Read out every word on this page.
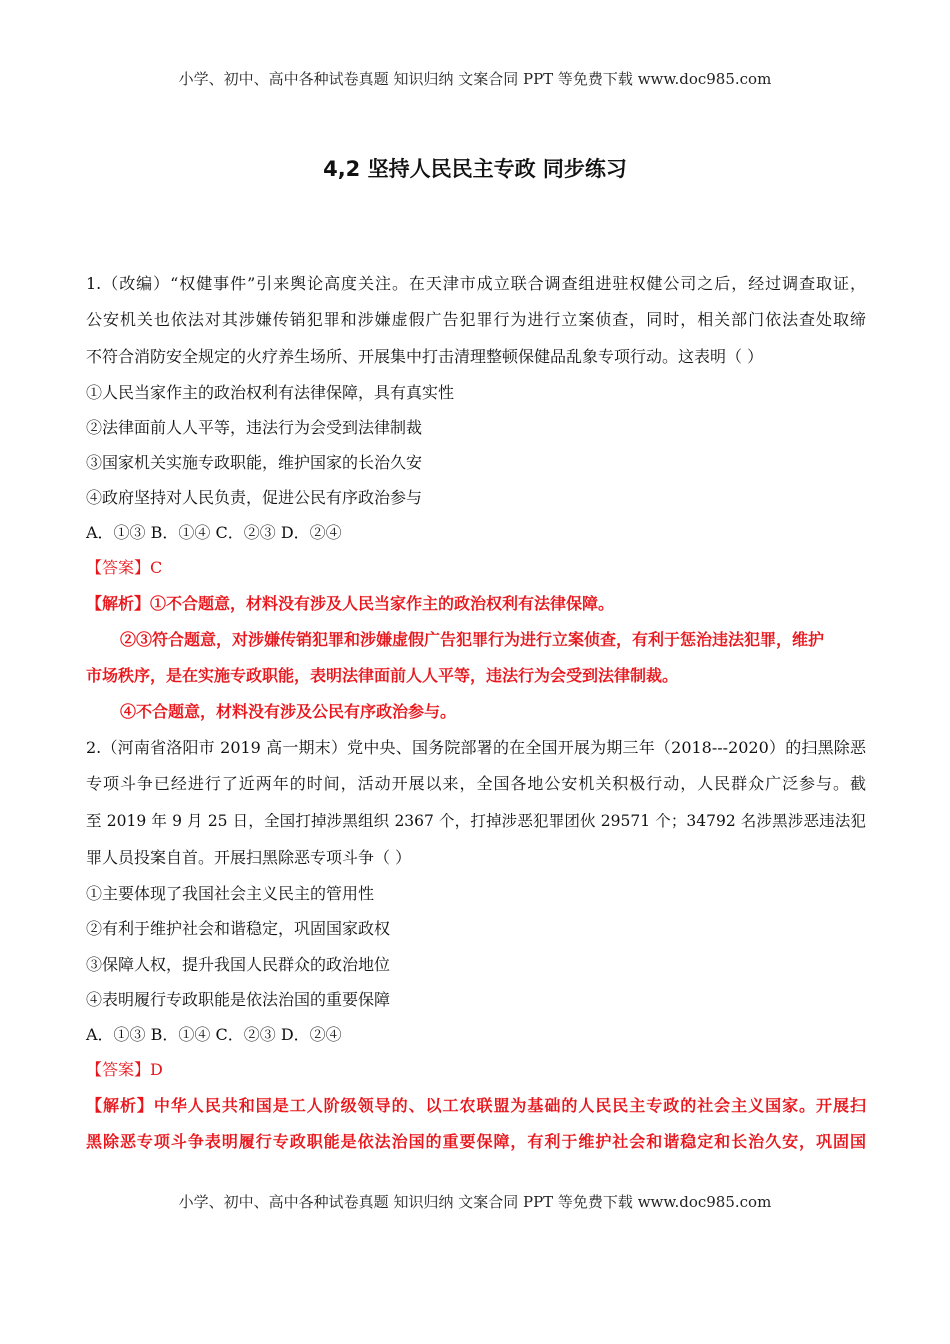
小学、初中、高中各种试卷真题 知识归纳 文案合同 PPT 等免费下载 www.doc985.com
4,2 坚持人民民主专政 同步练习
1.（改编）“权健事件”引来舆论高度关注。在天津市成立联合调查组进驻权健公司之后，经过调查取证，
公安机关也依法对其涉嫌传销犯罪和涉嫌虚假广告犯罪行为进行立案侦查，同时，相关部门依法查处取缔
不符合消防安全规定的火疗养生场所、开展集中打击清理整顿保健品乱象专项行动。这表明（ ）
①人民当家作主的政治权利有法律保障，具有真实性
②法律面前人人平等，违法行为会受到法律制裁
③国家机关实施专政职能，维护国家的长治久安
④政府坚持对人民负责，促进公民有序政治参与
A．①③ B．①④ C．②③ D．②④
【答案】C
【解析】①不合题意，材料没有涉及人民当家作主的政治权利有法律保障。
②③符合题意，对涉嫌传销犯罪和涉嫌虚假广告犯罪行为进行立案侦查，有利于惩治违法犯罪，维护
市场秩序，是在实施专政职能，表明法律面前人人平等，违法行为会受到法律制裁。
④不合题意，材料没有涉及公民有序政治参与。
2.（河南省洛阳市 2019 高一期末）党中央、国务院部署的在全国开展为期三年（2018---2020）的扫黑除恶
专项斗争已经进行了近两年的时间，活动开展以来，全国各地公安机关积极行动，人民群众广泛参与。截
至 2019 年 9 月 25 日，全国打掉涉黑组织 2367 个，打掉涉恶犯罪团伙 29571 个；34792 名涉黑涉恶违法犯
罪人员投案自首。开展扫黑除恶专项斗争（ ）
①主要体现了我国社会主义民主的管用性
②有利于维护社会和谐稳定，巩固国家政权
③保障人权，提升我国人民群众的政治地位
④表明履行专政职能是依法治国的重要保障
A．①③ B．①④ C．②③ D．②④
【答案】D
【解析】中华人民共和国是工人阶级领导的、以工农联盟为基础的人民民主专政的社会主义国家。开展扫
黑除恶专项斗争表明履行专政职能是依法治国的重要保障，有利于维护社会和谐稳定和长治久安，巩固国
小学、初中、高中各种试卷真题 知识归纳 文案合同 PPT 等免费下载 www.doc985.com
